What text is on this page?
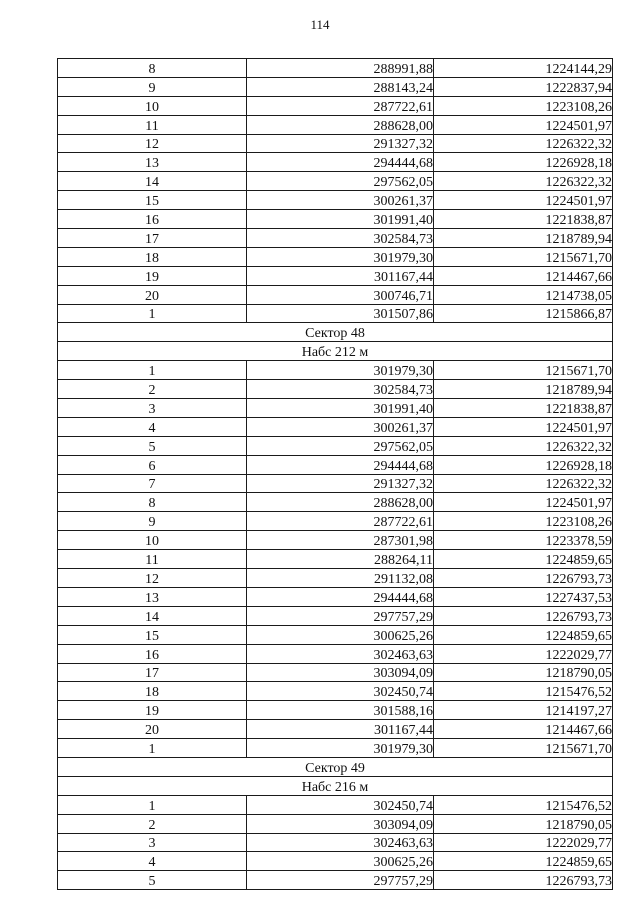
114
8	288991,88	1224144,29
9	288143,24	1222837,94
10	287722,61	1223108,26
11	288628,00	1224501,97
12	291327,32	1226322,32
13	294444,68	1226928,18
14	297562,05	1226322,32
15	300261,37	1224501,97
16	301991,40	1221838,87
17	302584,73	1218789,94
18	301979,30	1215671,70
19	301167,44	1214467,66
20	300746,71	1214738,05
1	301507,86	1215866,87
Сектор 48		
Набс 212 м		
1	301979,30	1215671,70
2	302584,73	1218789,94
3	301991,40	1221838,87
4	300261,37	1224501,97
5	297562,05	1226322,32
6	294444,68	1226928,18
7	291327,32	1226322,32
8	288628,00	1224501,97
9	287722,61	1223108,26
10	287301,98	1223378,59
11	288264,11	1224859,65
12	291132,08	1226793,73
13	294444,68	1227437,53
14	297757,29	1226793,73
15	300625,26	1224859,65
16	302463,63	1222029,77
17	303094,09	1218790,05
18	302450,74	1215476,52
19	301588,16	1214197,27
20	301167,44	1214467,66
1	301979,30	1215671,70
Сектор 49		
Набс 216 м		
1	302450,74	1215476,52
2	303094,09	1218790,05
3	302463,63	1222029,77
4	300625,26	1224859,65
5	297757,29	1226793,73
